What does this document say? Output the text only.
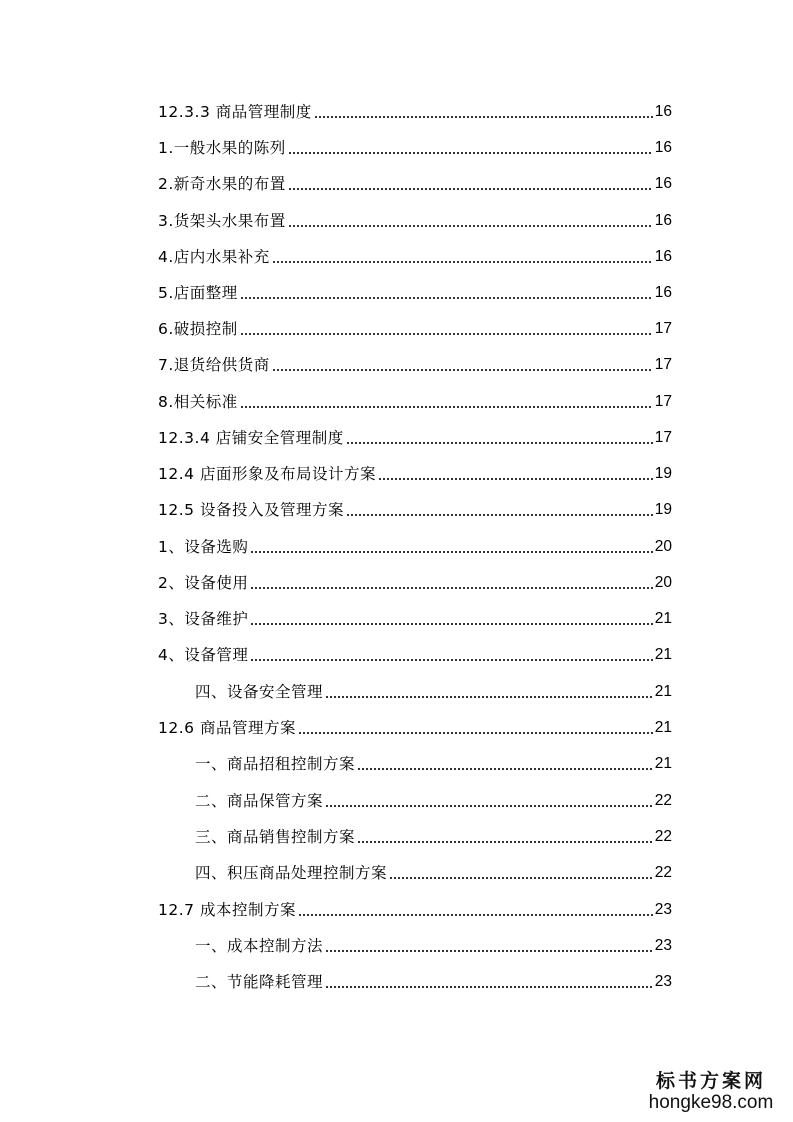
12.3.3 商品管理制度	16
1.一般水果的陈列	16
2.新奇水果的布置	16
3.货架头水果布置	16
4.店内水果补充	16
5.店面整理	16
6.破损控制	17
7.退货给供货商	17
8.相关标准	17
12.3.4 店铺安全管理制度	17
12.4 店面形象及布局设计方案	19
12.5 设备投入及管理方案	19
1、设备选购	20
2、设备使用	20
3、设备维护	21
4、设备管理	21
四、设备安全管理	21
12.6 商品管理方案	21
一、商品招租控制方案	21
二、商品保管方案	22
三、商品销售控制方案	22
四、积压商品处理控制方案	22
12.7 成本控制方案	23
一、成本控制方法	23
二、节能降耗管理	23
标书方案网
hongke98.com
